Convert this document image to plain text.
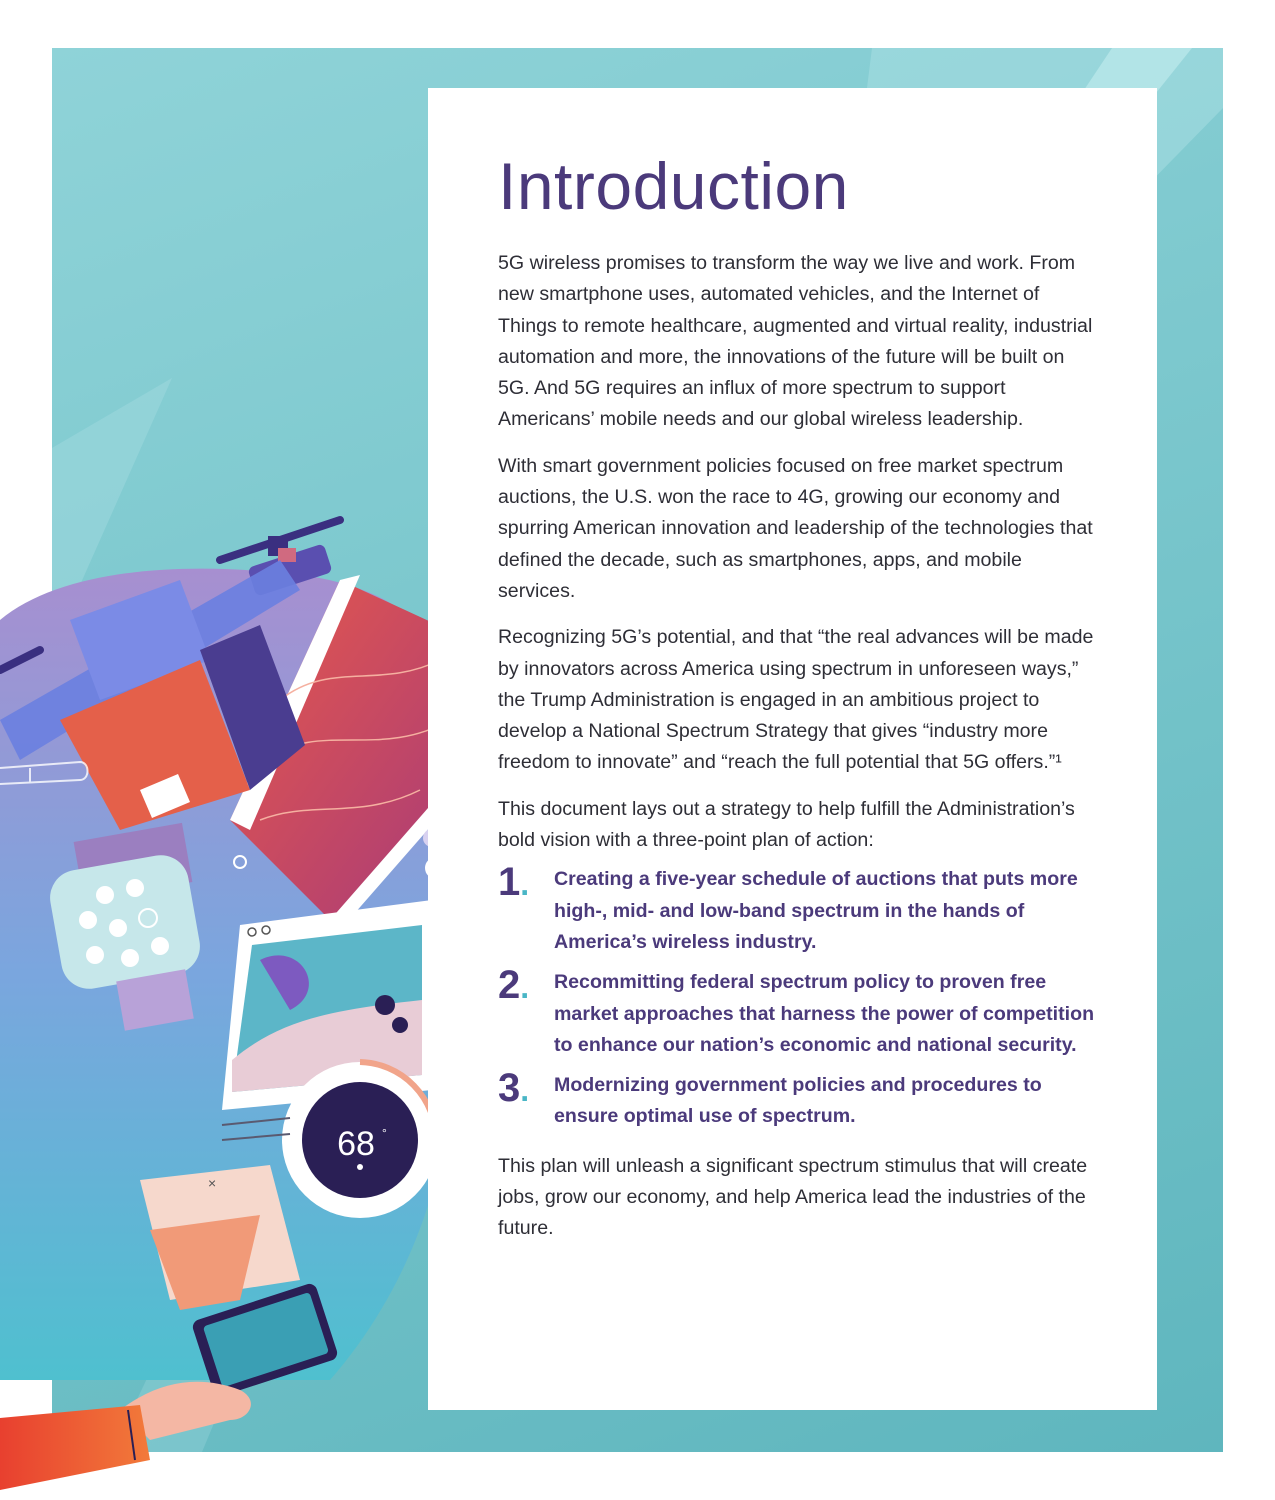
68 °
×
Introduction

5G wireless promises to transform the way we live and work. From new smartphone uses, automated vehicles, and the Internet of Things to remote healthcare, augmented and virtual reality, industrial automation and more, the innovations of the future will be built on 5G. And 5G requires an influx of more spectrum to support Americans’ mobile needs and our global wireless leadership.

With smart government policies focused on free market spectrum auctions, the U.S. won the race to 4G, growing our economy and spurring American innovation and leadership of the technologies that defined the decade, such as smartphones, apps, and mobile services.

Recognizing 5G’s potential, and that “the real advances will be made by innovators across America using spectrum in unforeseen ways,” the Trump Administration is engaged in an ambitious project to develop a National Spectrum Strategy that gives “industry more freedom to innovate” and “reach the full potential that 5G offers.”¹

This document lays out a strategy to help fulfill the Administration’s bold vision with a three-point plan of action:

1. Creating a five-year schedule of auctions that puts more high-, mid- and low-band spectrum in the hands of America’s wireless industry.
2. Recommitting federal spectrum policy to proven free market approaches that harness the power of competition to enhance our nation’s economic and national security.
3. Modernizing government policies and procedures to ensure optimal use of spectrum.

This plan will unleash a significant spectrum stimulus that will create jobs, grow our economy, and help America lead the industries of the future.
